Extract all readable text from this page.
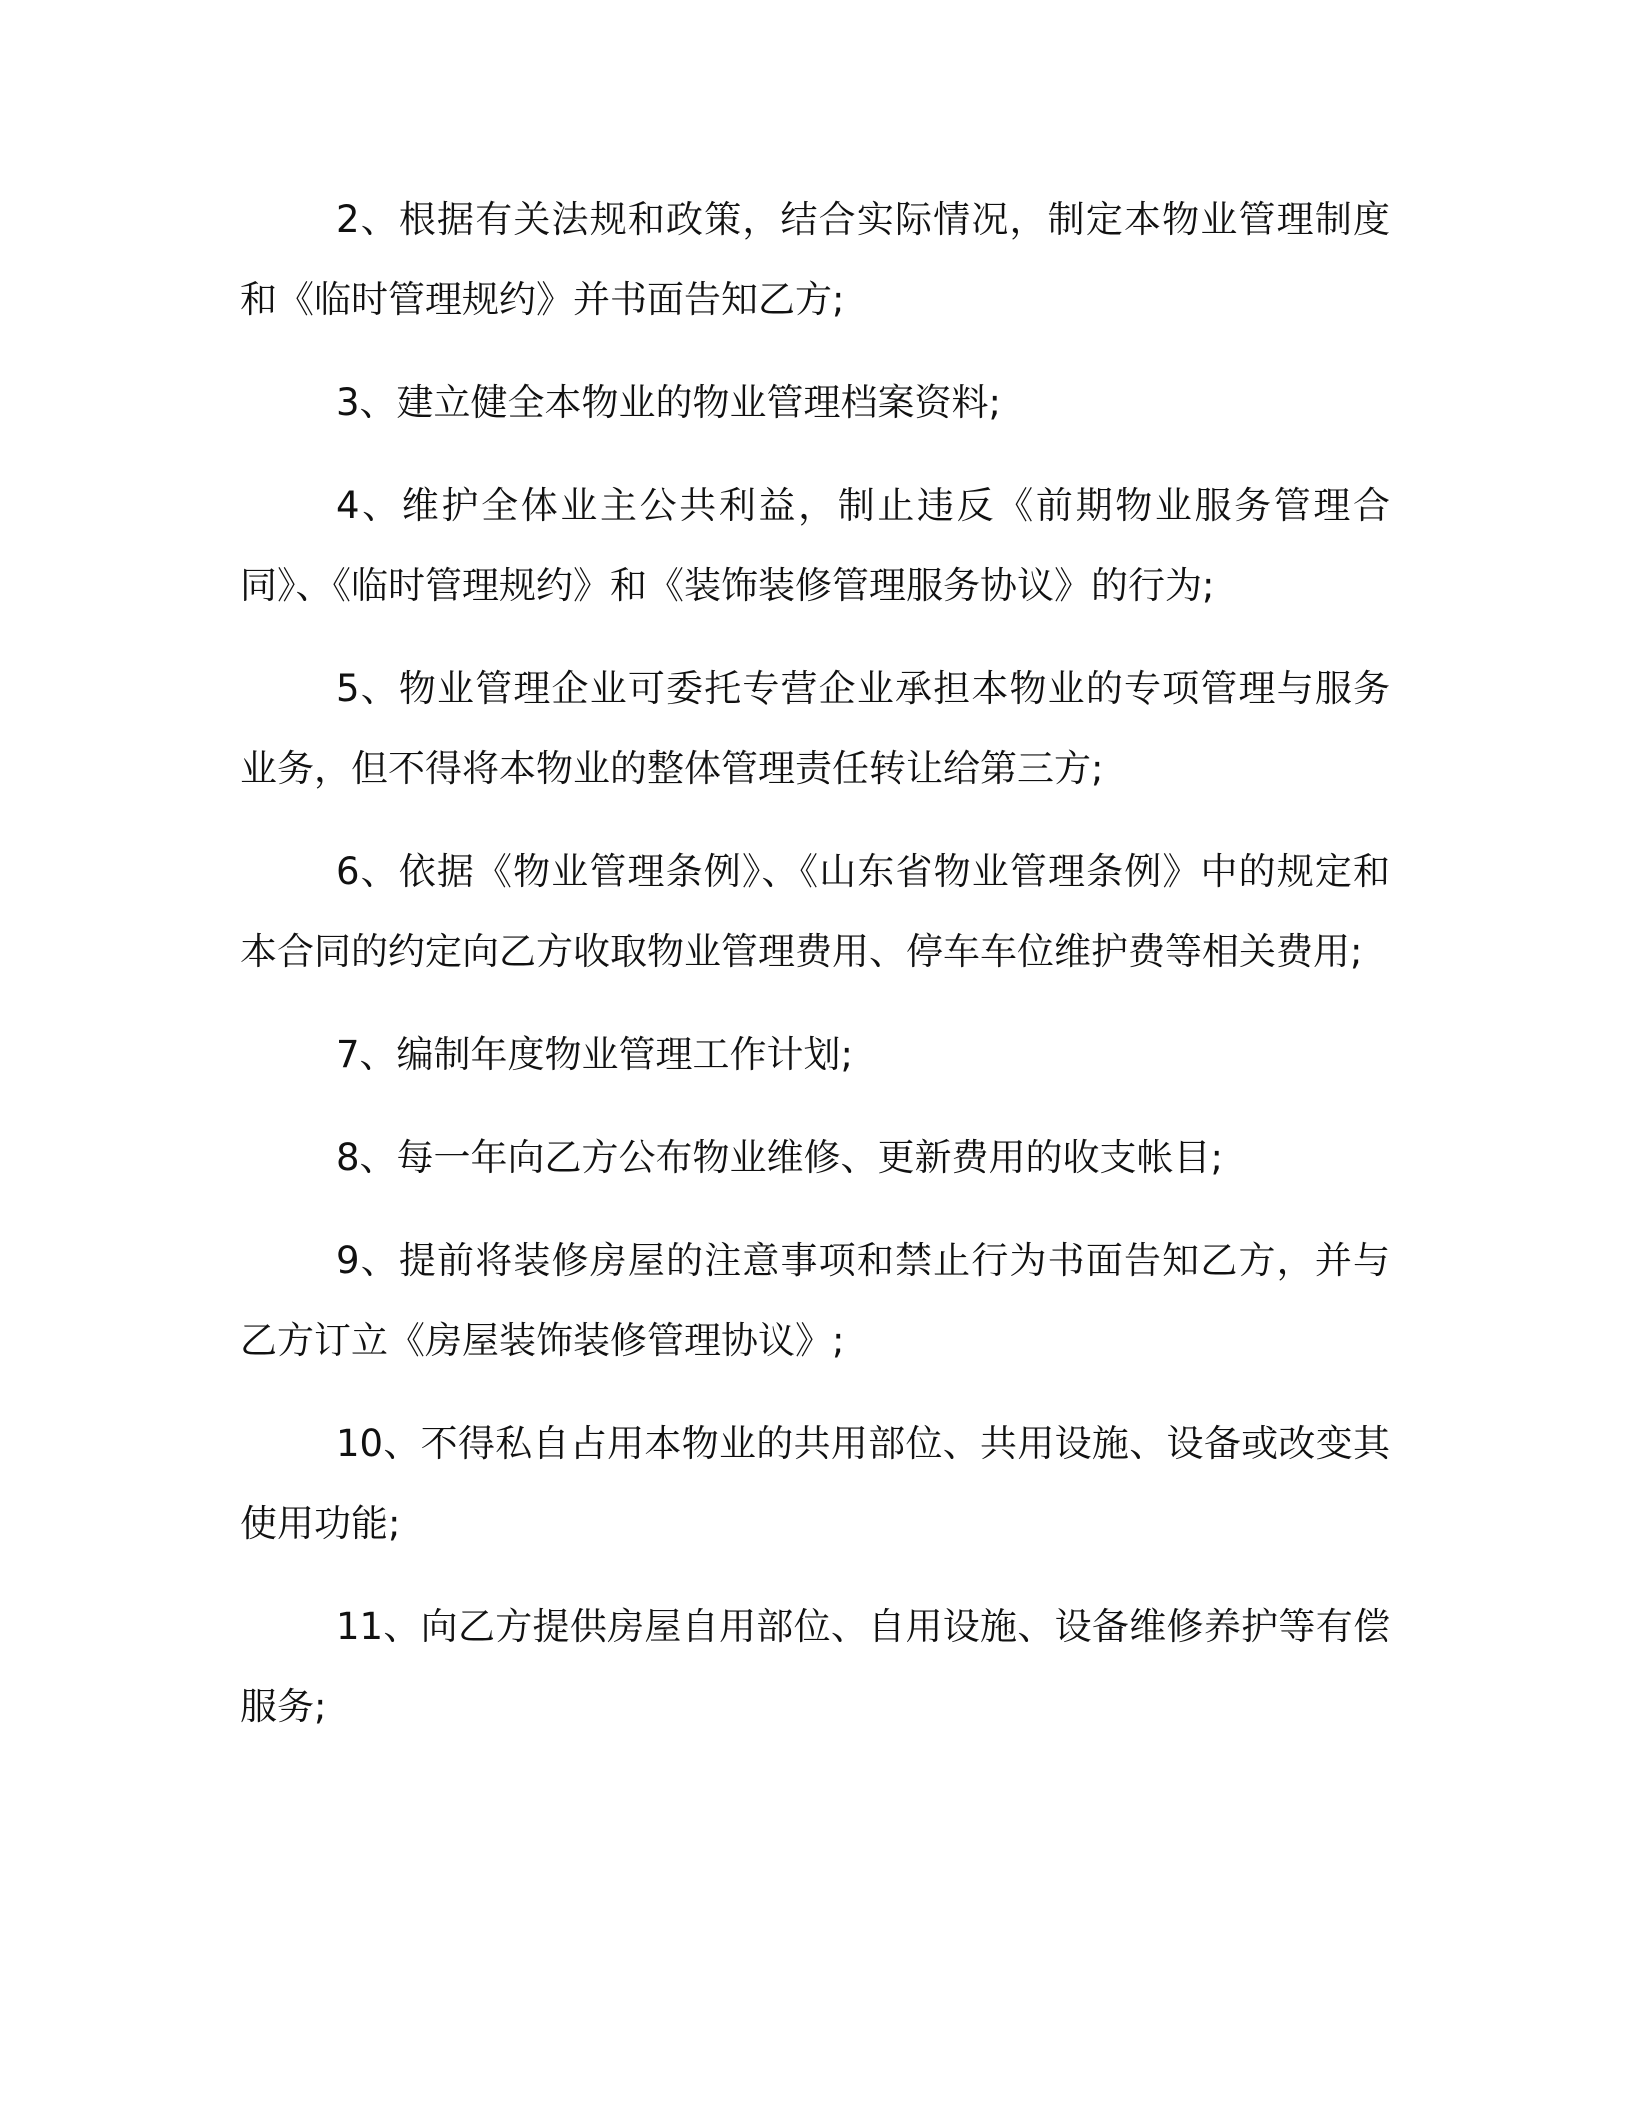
2、根据有关法规和政策，结合实际情况，制定本物业管理制度和《临时管理规约》并书面告知乙方;

3、建立健全本物业的物业管理档案资料;

4、维护全体业主公共利益，制止违反《前期物业服务管理合同》、《临时管理规约》和《装饰装修管理服务协议》的行为;

5、物业管理企业可委托专营企业承担本物业的专项管理与服务业务，但不得将本物业的整体管理责任转让给第三方;

6、依据《物业管理条例》、《山东省物业管理条例》中的规定和本合同的约定向乙方收取物业管理费用、停车车位维护费等相关费用;

7、编制年度物业管理工作计划;

8、每一年向乙方公布物业维修、更新费用的收支帐目;

9、提前将装修房屋的注意事项和禁止行为书面告知乙方，并与乙方订立《房屋装饰装修管理协议》;

10、不得私自占用本物业的共用部位、共用设施、设备或改变其使用功能;

11、向乙方提供房屋自用部位、自用设施、设备维修养护等有偿服务;
